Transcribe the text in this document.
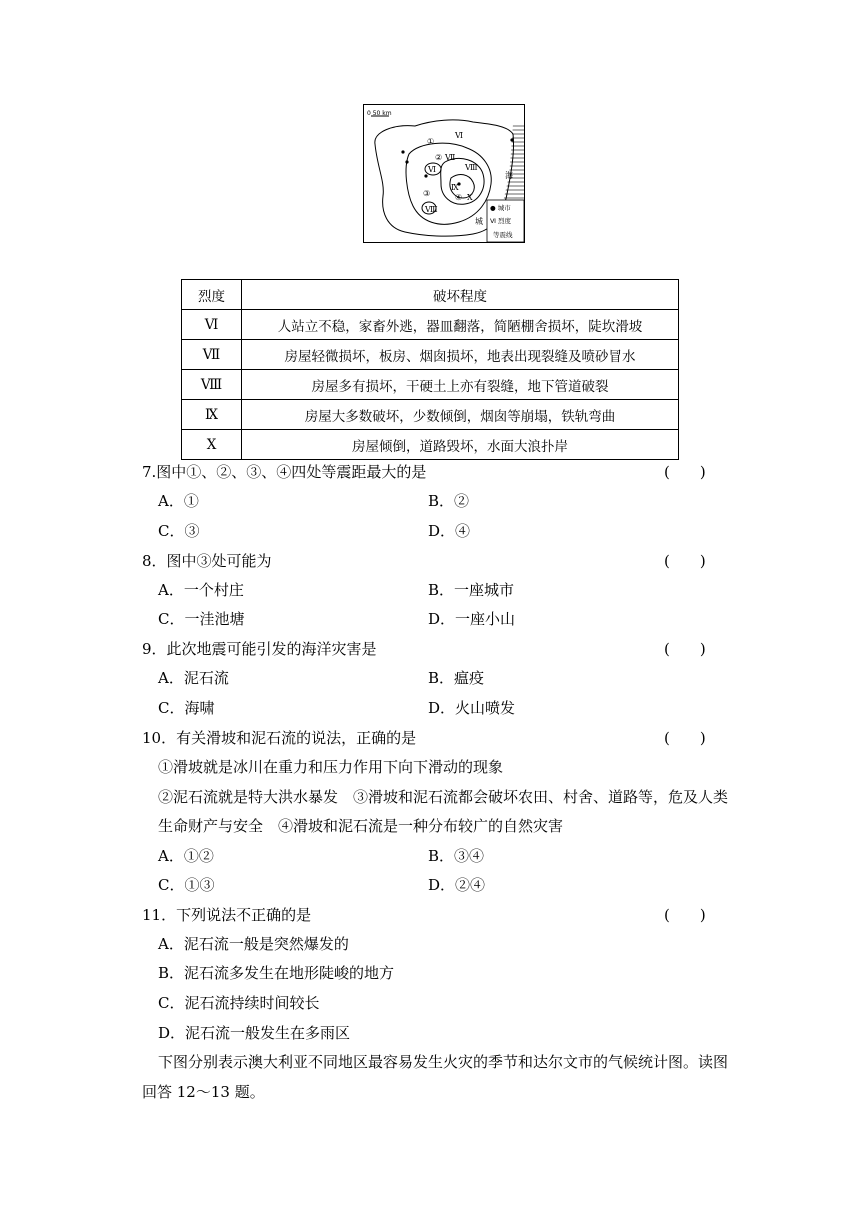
0 50 km
①
Ⅵ
② Ⅶ
Ⅵ	Ⅷ
③
Ⅸ
④ Ⅹ
Ⅷ
海
城
● 城市
Ⅵ 烈度
等震线
烈度	破坏程度
Ⅵ	人站立不稳，家畜外逃，器皿翻落，简陋棚舍损坏，陡坎滑坡
Ⅶ	房屋轻微损坏，板房、烟囱损坏，地表出现裂缝及喷砂冒水
Ⅷ	房屋多有损坏，干硬土上亦有裂缝，地下管道破裂
Ⅸ	房屋大多数破坏，少数倾倒，烟囱等崩塌，铁轨弯曲
Ⅹ	房屋倾倒，道路毁坏，水面大浪扑岸
7.图中①、②、③、④四处等震距最大的是	(　　)
A．①	B．②
C．③	D．④
8．图中③处可能为	(　　)
A．一个村庄	B．一座城市
C．一洼池塘	D．一座小山
9．此次地震可能引发的海洋灾害是	(　　)
A．泥石流	B．瘟疫
C．海啸	D．火山喷发
10．有关滑坡和泥石流的说法，正确的是	(　　)
①滑坡就是冰川在重力和压力作用下向下滑动的现象
②泥石流就是特大洪水暴发　③滑坡和泥石流都会破坏农田、村舍、道路等，危及人类
生命财产与安全　④滑坡和泥石流是一种分布较广的自然灾害
A．①②	B．③④
C．①③	D．②④
11．下列说法不正确的是	(　　)
A．泥石流一般是突然爆发的
B．泥石流多发生在地形陡峻的地方
C．泥石流持续时间较长
D．泥石流一般发生在多雨区
下图分别表示澳大利亚不同地区最容易发生火灾的季节和达尔文市的气候统计图。读图
回答 12～13 题。
